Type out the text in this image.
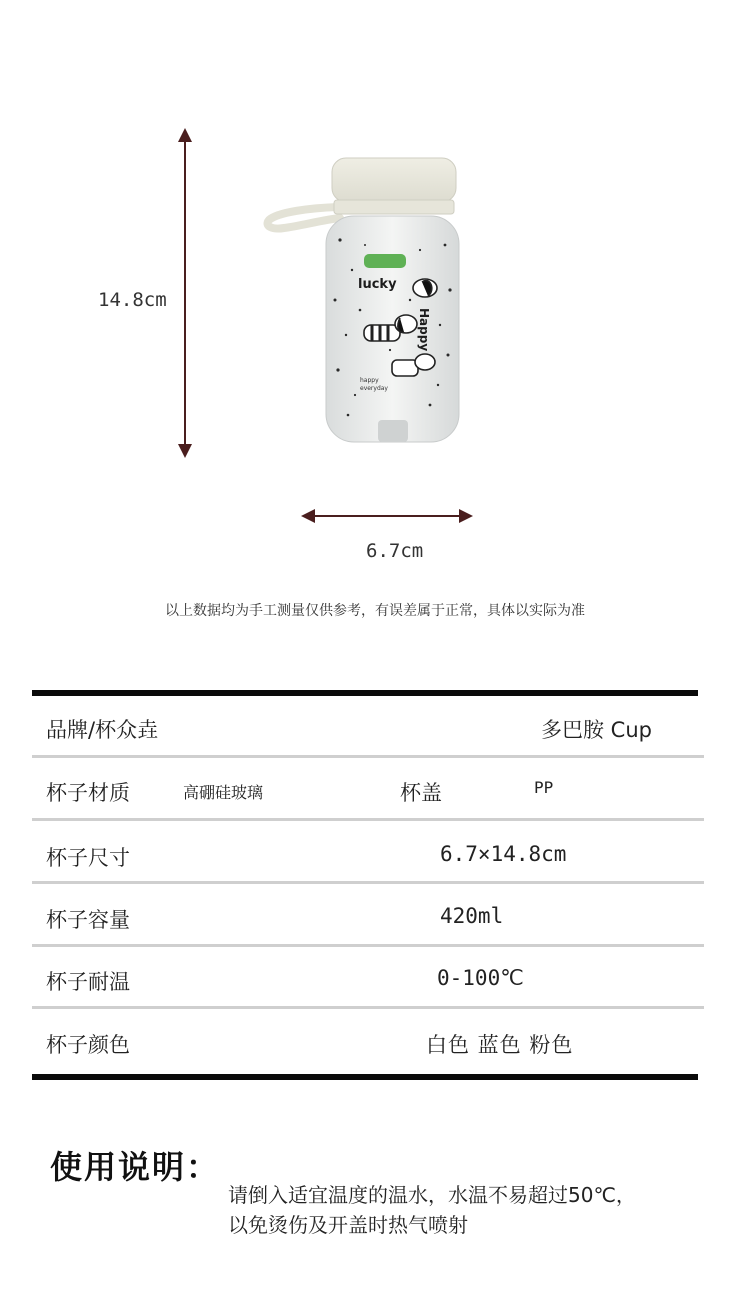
14.8cm
lucky
Happy
happy
everyday
6.7cm
以上数据均为手工测量仅供参考，有误差属于正常，具体以实际为准
品牌/杯众垚	多巴胺 Cup
杯子材质	高硼硅玻璃	杯盖	PP
杯子尺寸	6.7×14.8cm
杯子容量	420ml
杯子耐温	0-100℃
杯子颜色	白色 蓝色 粉色
使用说明：
请倒入适宜温度的温水，水温不易超过50℃，
以免烫伤及开盖时热气喷射
